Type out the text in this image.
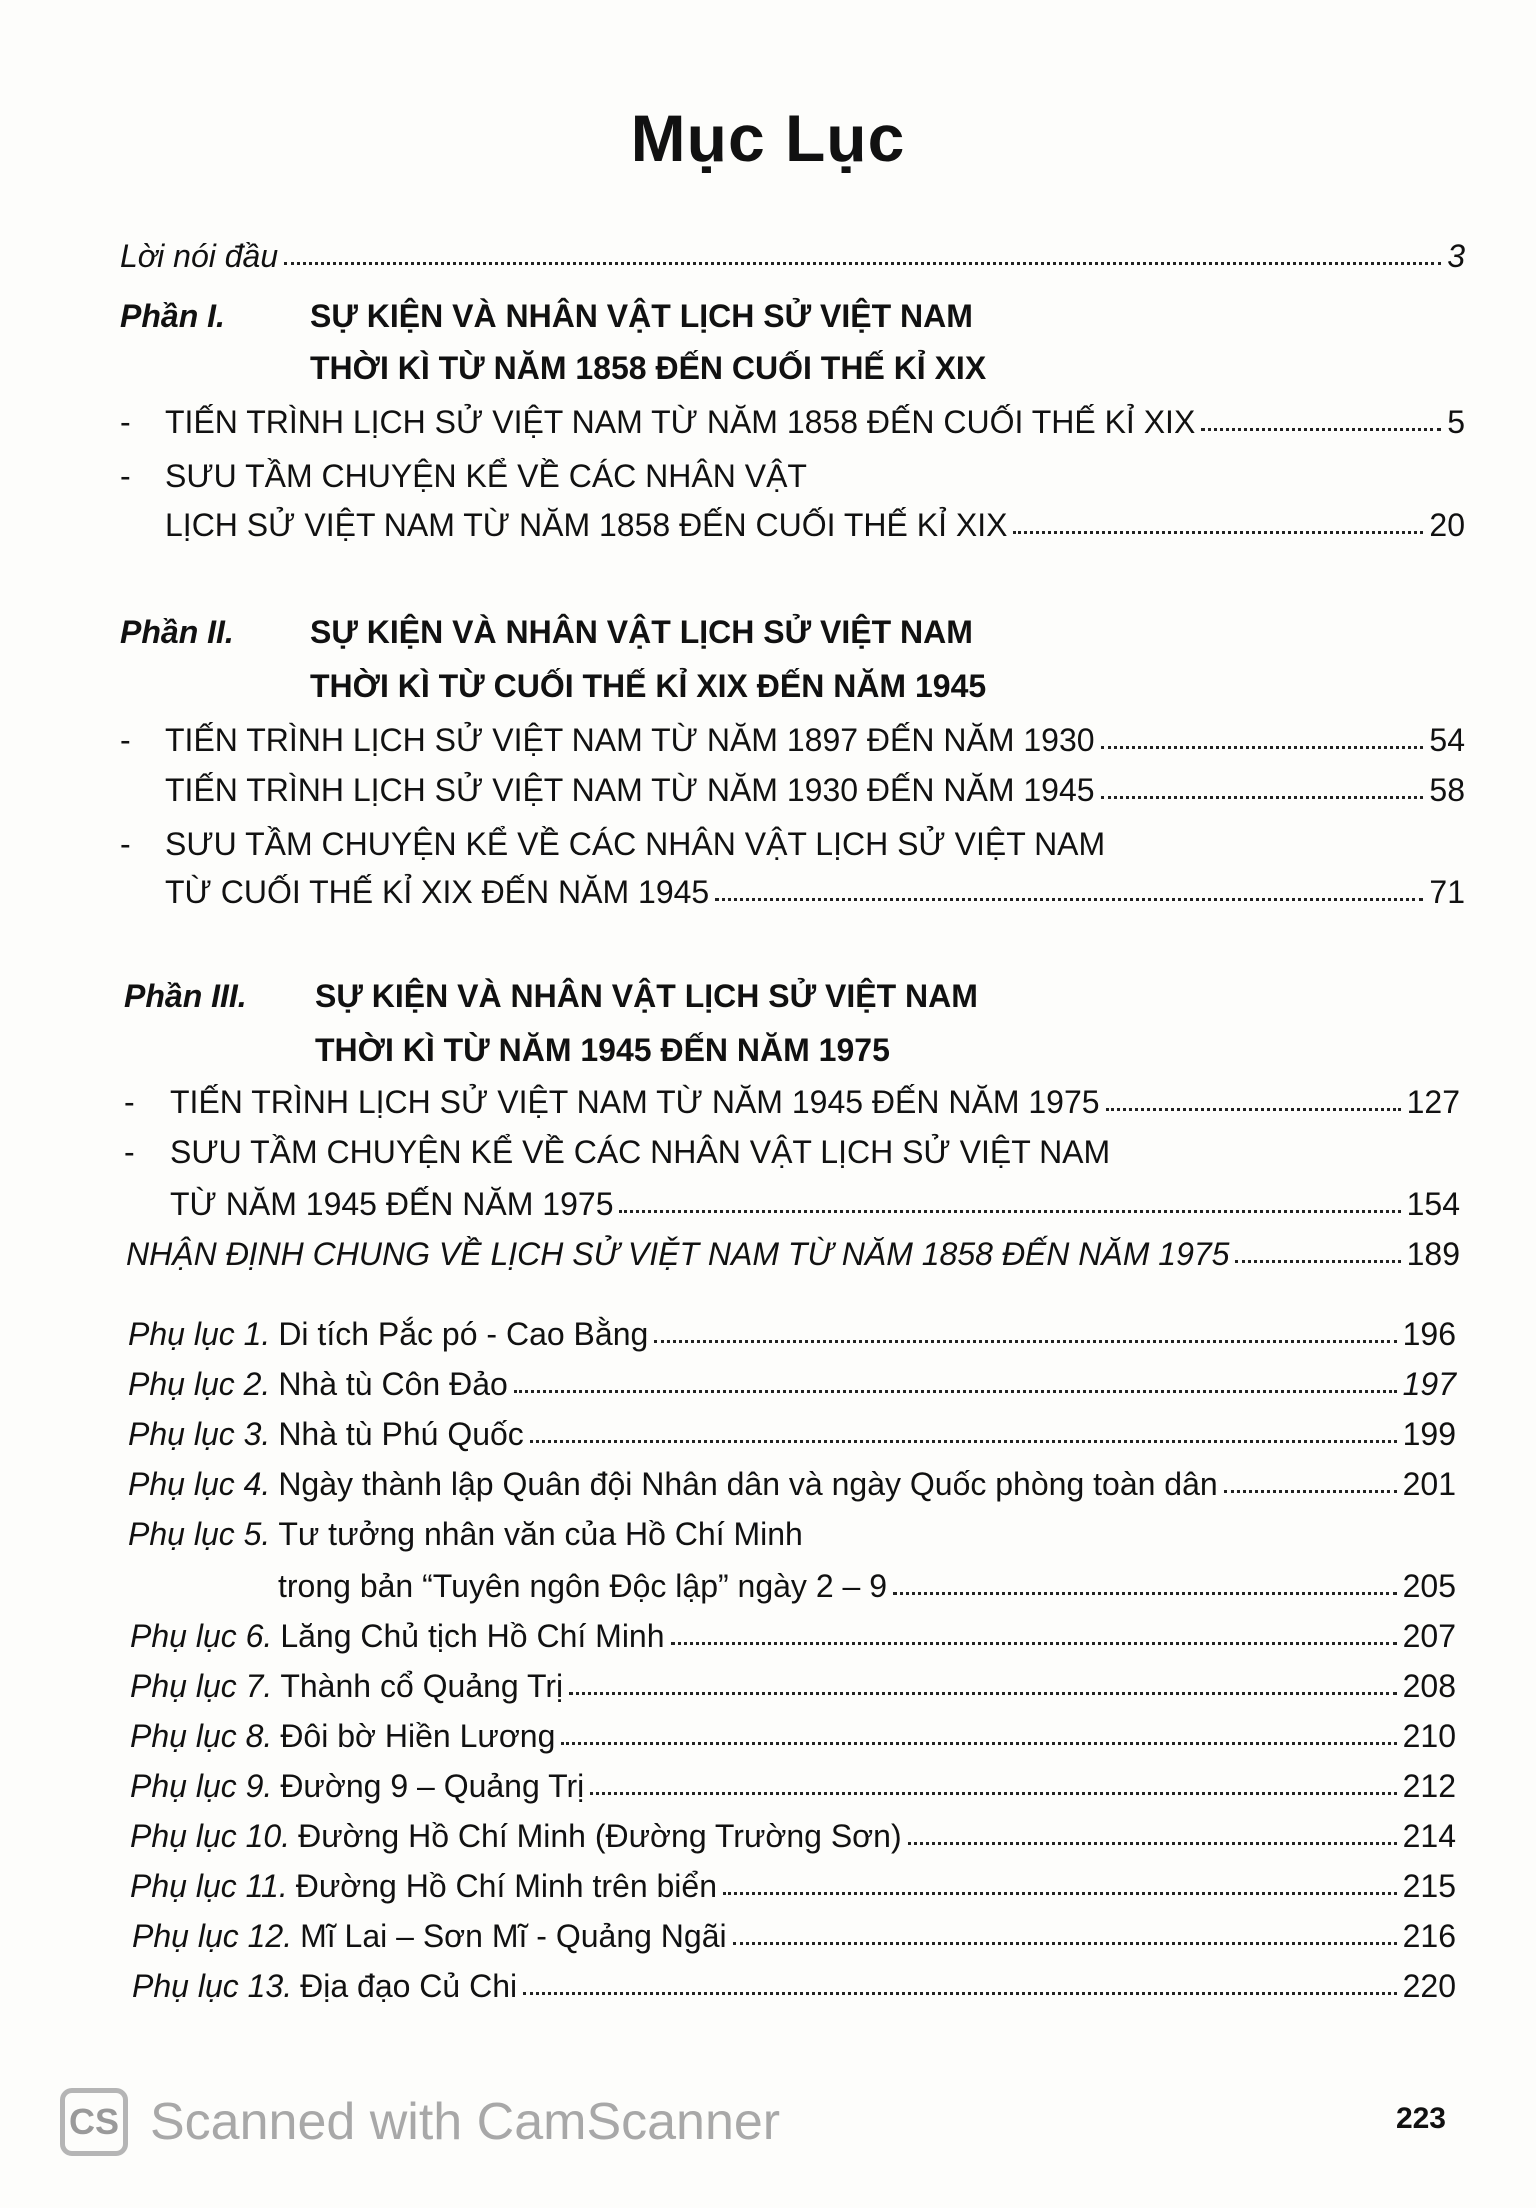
Mục Lục
Lời nói đầu	3
Phần I.	SỰ KIỆN VÀ NHÂN VẬT LỊCH SỬ VIỆT NAM
THỜI KÌ TỪ NĂM 1858 ĐẾN CUỐI THẾ KỈ XIX
- TIẾN TRÌNH LỊCH SỬ VIỆT NAM TỪ NĂM 1858 ĐẾN CUỐI THẾ KỈ XIX	5
- SƯU TẦM CHUYỆN KỂ VỀ CÁC NHÂN VẬT
LỊCH SỬ VIỆT NAM TỪ NĂM 1858 ĐẾN CUỐI THẾ KỈ XIX	20
Phần II. SỰ KIỆN VÀ NHÂN VẬT LỊCH SỬ VIỆT NAM
THỜI KÌ TỪ CUỐI THẾ KỈ XIX ĐẾN NĂM 1945
- TIẾN TRÌNH LỊCH SỬ VIỆT NAM TỪ NĂM 1897 ĐẾN NĂM 1930	54
TIẾN TRÌNH LỊCH SỬ VIỆT NAM TỪ NĂM 1930 ĐẾN NĂM 1945	58
- SƯU TẦM CHUYỆN KỂ VỀ CÁC NHÂN VẬT LỊCH SỬ VIỆT NAM
TỪ CUỐI THẾ KỈ XIX ĐẾN NĂM 1945	71
Phần III. SỰ KIỆN VÀ NHÂN VẬT LỊCH SỬ VIỆT NAM
THỜI KÌ TỪ NĂM 1945 ĐẾN NĂM 1975
- TIẾN TRÌNH LỊCH SỬ VIỆT NAM TỪ NĂM 1945 ĐẾN NĂM 1975	127
- SƯU TẦM CHUYỆN KỂ VỀ CÁC NHÂN VẬT LỊCH SỬ VIỆT NAM
TỪ NĂM 1945 ĐẾN NĂM 1975	154
NHẬN ĐỊNH CHUNG VỀ LỊCH SỬ VIỆT NAM TỪ NĂM 1858 ĐẾN NĂM 1975	189
Phụ lục 1. Di tích Pắc pó - Cao Bằng	196
Phụ lục 2. Nhà tù Côn Đảo	197
Phụ lục 3. Nhà tù Phú Quốc	199
Phụ lục 4. Ngày thành lập Quân đội Nhân dân và ngày Quốc phòng toàn dân	201
Phụ lục 5. Tư tưởng nhân văn của Hồ Chí Minh
trong bản “Tuyên ngôn Độc lập” ngày 2 – 9	205
Phụ lục 6. Lăng Chủ tịch Hồ Chí Minh	207
Phụ lục 7. Thành cổ Quảng Trị	208
Phụ lục 8. Đôi bờ Hiền Lương	210
Phụ lục 9. Đường 9 – Quảng Trị	212
Phụ lục 10. Đường Hồ Chí Minh (Đường Trường Sơn)	214
Phụ lục 11. Đường Hồ Chí Minh trên biển	215
Phụ lục 12. Mĩ Lai – Sơn Mĩ - Quảng Ngãi	216
Phụ lục 13. Địa đạo Củ Chi	220
CS Scanned with CamScanner	223
